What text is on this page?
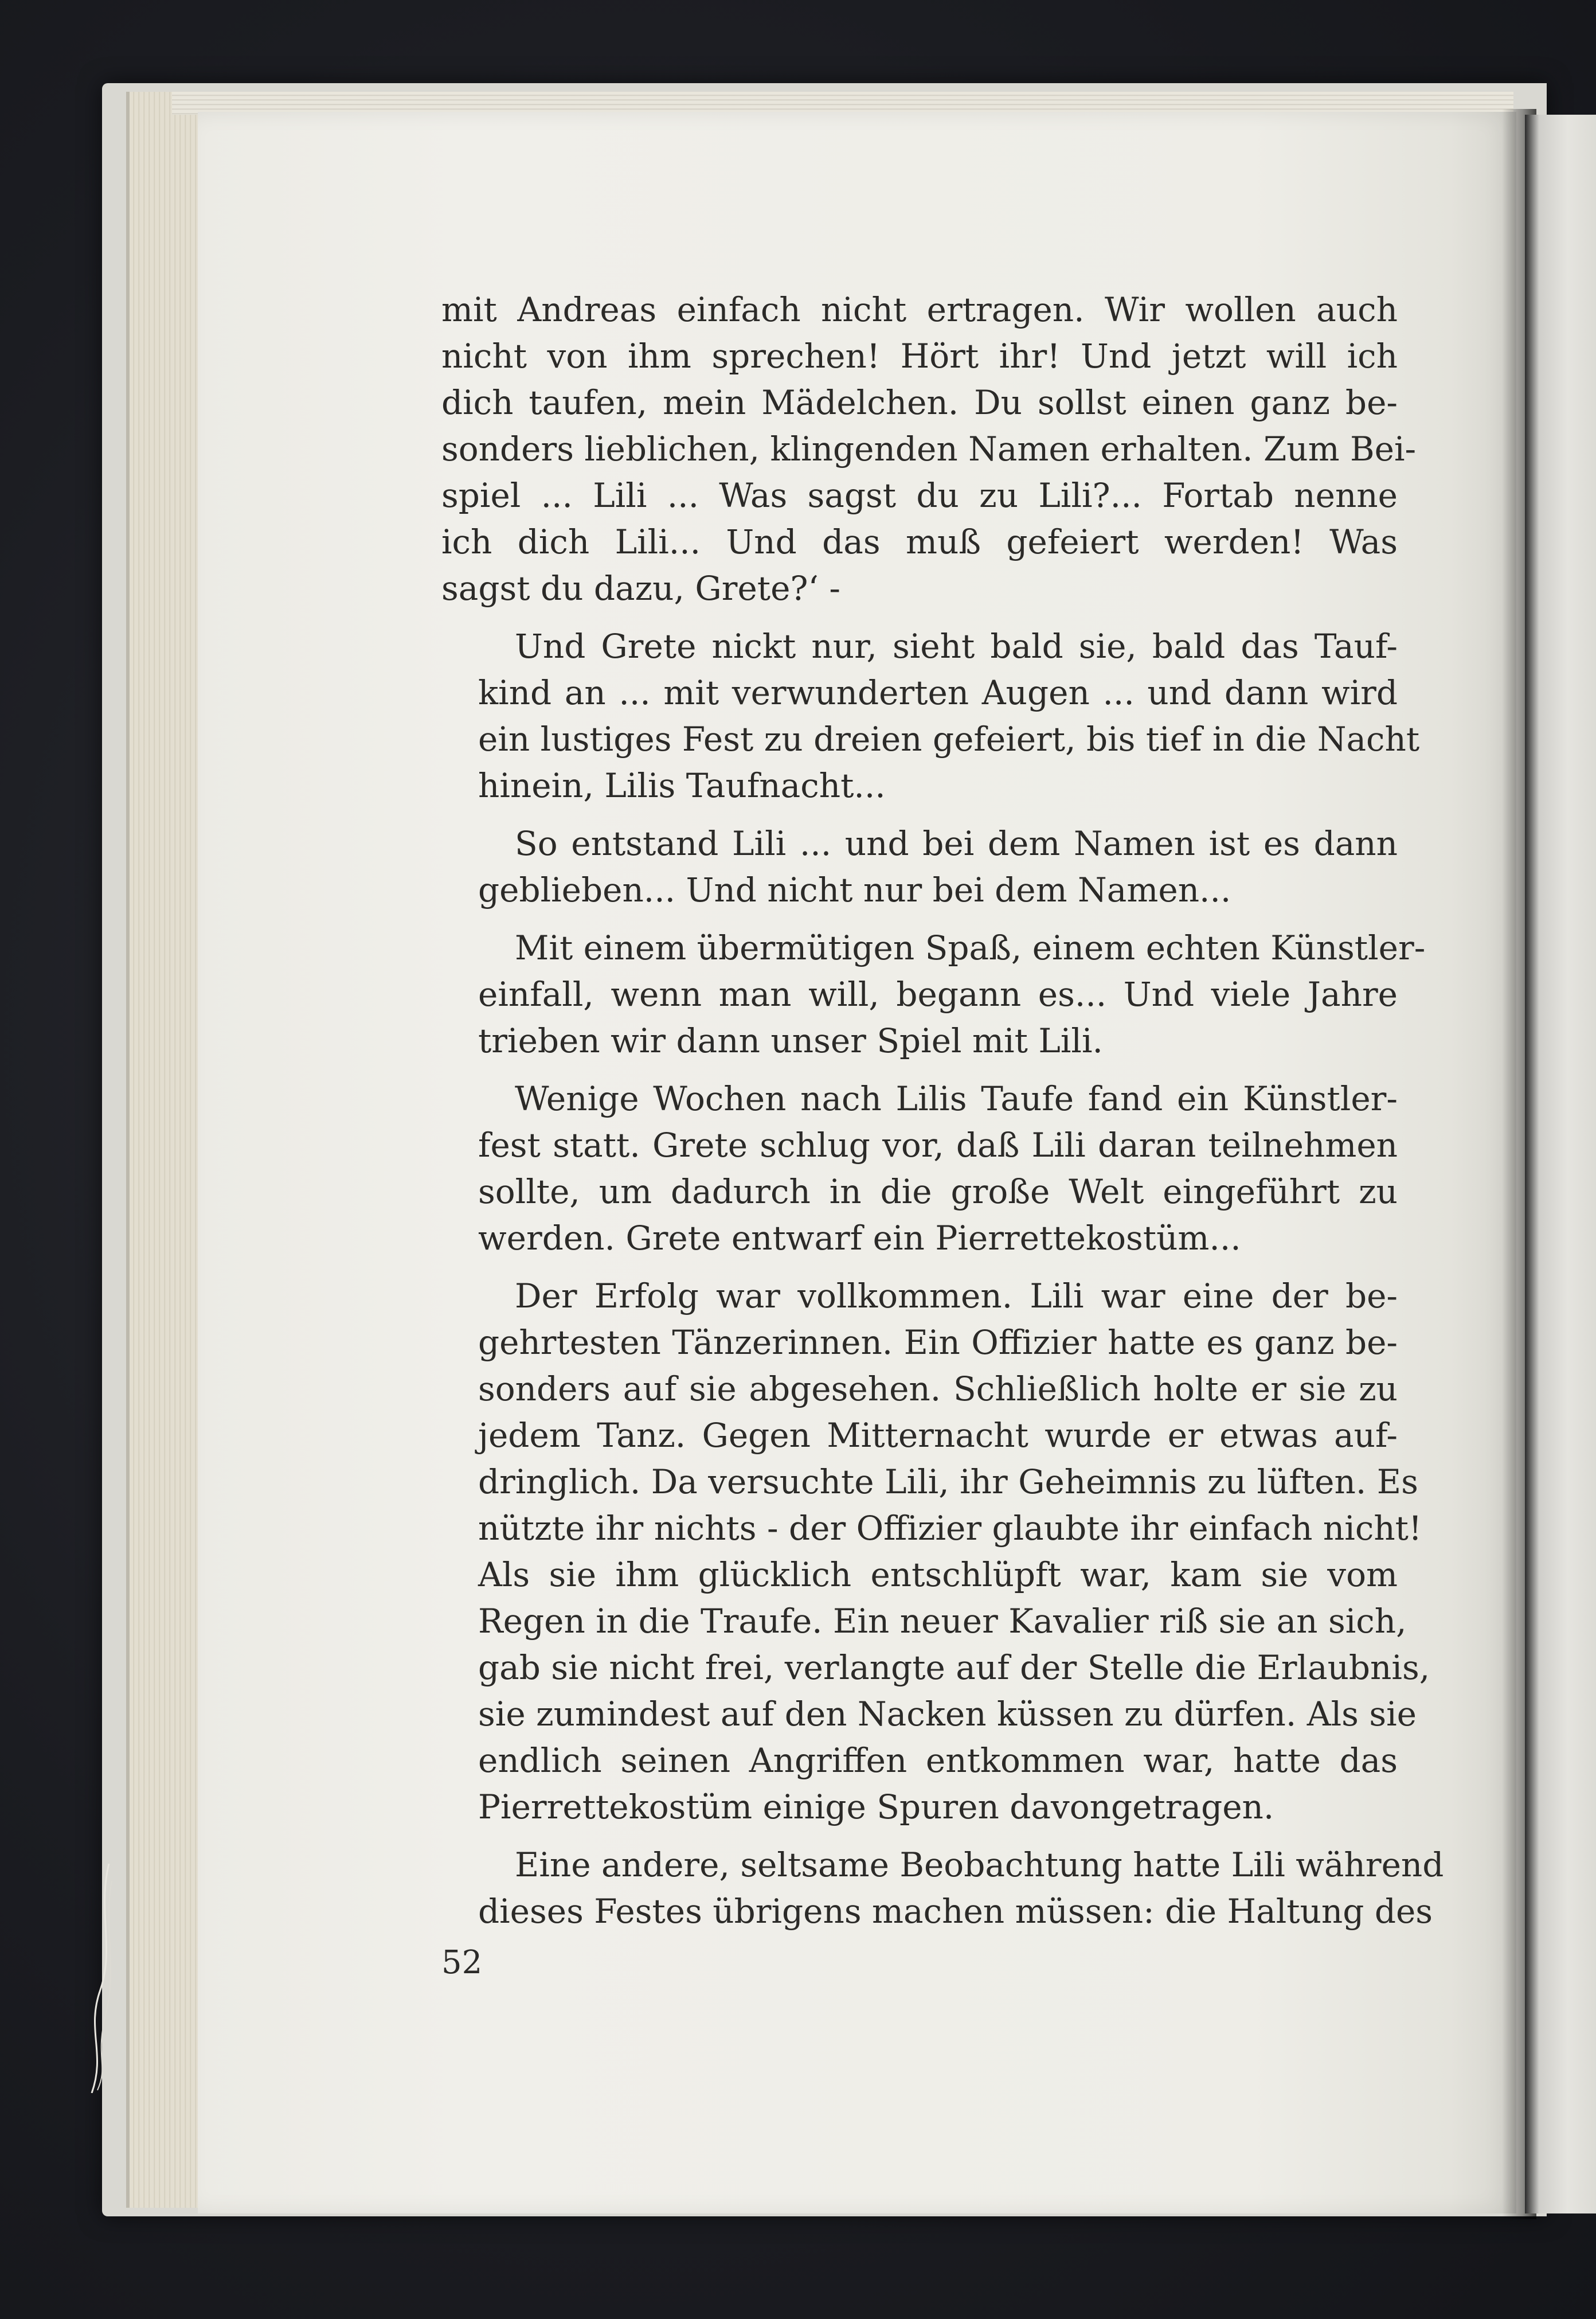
mit Andreas einfach nicht ertragen. Wir wollen auch
nicht von ihm sprechen! Hört ihr! Und jetzt will ich
dich taufen, mein Mädelchen. Du sollst einen ganz be-
sonders lieblichen, klingenden Namen erhalten. Zum Bei-
spiel ... Lili ... Was sagst du zu Lili?... Fortab nenne
ich dich Lili... Und das muß gefeiert werden! Was
sagst du dazu, Grete?‘ -
Und Grete nickt nur, sieht bald sie, bald das Tauf-
kind an ... mit verwunderten Augen ... und dann wird
ein lustiges Fest zu dreien gefeiert, bis tief in die Nacht
hinein, Lilis Taufnacht...
So entstand Lili ... und bei dem Namen ist es dann
geblieben... Und nicht nur bei dem Namen...
Mit einem übermütigen Spaß, einem echten Künstler-
einfall, wenn man will, begann es... Und viele Jahre
trieben wir dann unser Spiel mit Lili.
Wenige Wochen nach Lilis Taufe fand ein Künstler-
fest statt. Grete schlug vor, daß Lili daran teilnehmen
sollte, um dadurch in die große Welt eingeführt zu
werden. Grete entwarf ein Pierrettekostüm...
Der Erfolg war vollkommen. Lili war eine der be-
gehrtesten Tänzerinnen. Ein Offizier hatte es ganz be-
sonders auf sie abgesehen. Schließlich holte er sie zu
jedem Tanz. Gegen Mitternacht wurde er etwas auf-
dringlich. Da versuchte Lili, ihr Geheimnis zu lüften. Es
nützte ihr nichts - der Offizier glaubte ihr einfach nicht!
Als sie ihm glücklich entschlüpft war, kam sie vom
Regen in die Traufe. Ein neuer Kavalier riß sie an sich,
gab sie nicht frei, verlangte auf der Stelle die Erlaubnis,
sie zumindest auf den Nacken küssen zu dürfen. Als sie
endlich seinen Angriffen entkommen war, hatte das
Pierrettekostüm einige Spuren davongetragen.
Eine andere, seltsame Beobachtung hatte Lili während
dieses Festes übrigens machen müssen: die Haltung des
52
